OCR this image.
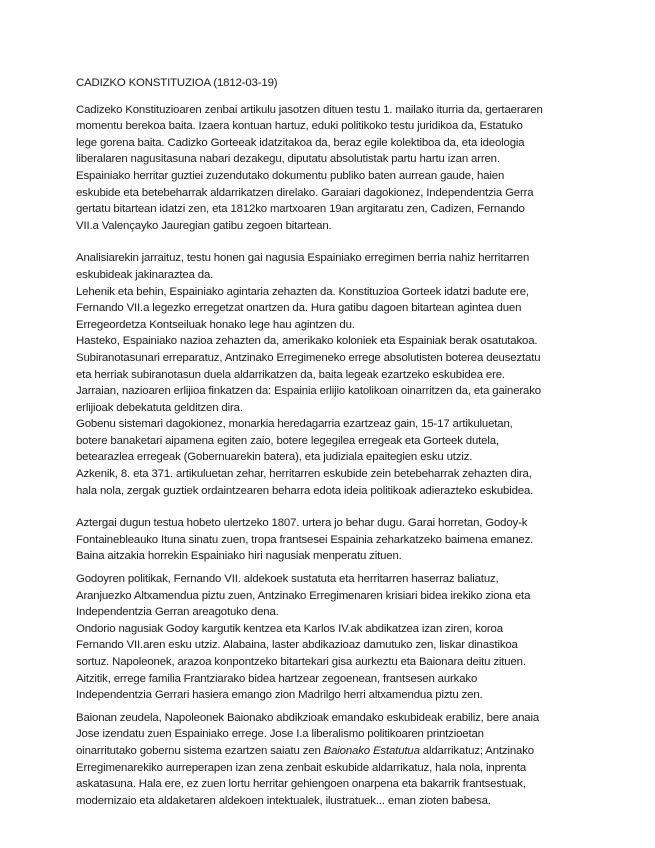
CADIZKO KONSTITUZIOA (1812-03-19)

Cadizeko Konstituzioaren zenbai artikulu jasotzen dituen testu 1. mailako iturria da, gertaeraren
momentu berekoa baita. Izaera kontuan hartuz, eduki politikoko testu juridikoa da, Estatuko
lege gorena baita. Cadizko Gorteeak idatzitakoa da, beraz egile kolektiboa da, eta ideologia
liberalaren nagusitasuna nabari dezakegu, diputatu absolutistak partu hartu izan arren.
Espainiako herritar guztiei zuzendutako dokumentu publiko baten aurrean gaude, haien
eskubide eta betebeharrak aldarrikatzen direlako. Garaiari dagokionez, Independentzia Gerra
gertatu bitartean idatzi zen, eta 1812ko martxoaren 19an argitaratu zen, Cadizen, Fernando
VII.a Valençayko Jauregian gatibu zegoen bitartean.

Analisiarekin jarraituz, testu honen gai nagusia Espainiako erregimen berria nahiz herritarren
eskubideak jakinaraztea da.
Lehenik eta behin, Espainiako agintaria zehazten da. Konstituzioa Gorteek idatzi badute ere,
Fernando VII.a legezko erregetzat onartzen da. Hura gatibu dagoen bitartean agintea duen
Erregeordetza Kontseiluak honako lege hau agintzen du.
Hasteko, Espainiako nazioa zehazten da, amerikako koloniek eta Espainiak berak osatutakoa.
Subiranotasunari erreparatuz, Antzinako Erregimeneko errege absolutisten boterea deuseztatu
eta herriak subiranotasun duela aldarrikatzen da, baita legeak ezartzeko eskubidea ere.
Jarraian, nazioaren erlijioa finkatzen da: Espainia erlijio katolikoan oinarritzen da, eta gainerako
erlijioak debekatuta gelditzen dira.
Gobenu sistemari dagokionez, monarkia heredagarria ezartzeaz gain, 15-17 artikuluetan,
botere banaketari aipamena egiten zaio, botere legegilea erregeak eta Gorteek dutela,
betearazlea erregeak (Gobernuarekin batera), eta judiziala epaitegien esku utziz.
Azkenik, 8. eta 371. artikuluetan zehar, herritarren eskubide zein betebeharrak zehazten dira,
hala nola, zergak guztiek ordaintzearen beharra edota ideia politikoak adierazteko eskubidea.

Aztergai dugun testua hobeto ulertzeko 1807. urtera jo behar dugu. Garai horretan, Godoy-k
Fontainebleauko Ituna sinatu zuen, tropa frantsesei Espainia zeharkatzeko baimena emanez.
Baina aitzakia horrekin Espainiako hiri nagusiak menperatu zituen.

Godoyren politikak, Fernando VII. aldekoek sustatuta eta herritarren haserraz baliatuz,
Aranjuezko Altxamendua piztu zuen, Antzinako Erregimenaren krisiari bidea irekiko ziona eta
Independentzia Gerran areagotuko dena.
Ondorio nagusiak Godoy kargutik kentzea eta Karlos IV.ak abdikatzea izan ziren, koroa
Fernando VII.aren esku utziz. Alabaina, laster abdikazioaz damutuko zen, liskar dinastikoa
sortuz. Napoleonek, arazoa konpontzeko bitartekari gisa aurkeztu eta Baionara deitu zituen.
Aitzitik, errege familia Frantziarako bidea hartzear zegoenean, frantsesen aurkako
Independentzia Gerrari hasiera emango zion Madrilgo herri altxamendua piztu zen.

Baionan zeudela, Napoleonek Baionako abdikzioak emandako eskubideak erabiliz, bere anaia
Jose izendatu zuen Espainiako errege. Jose I.a liberalismo politikoaren printzioetan
oinarritutako gobernu sistema ezartzen saiatu zen Baionako Estatutua aldarrikatuz; Antzinako
Erregimenarekiko aurreperapen izan zena zenbait eskubide aldarrikatuz, hala nola, inprenta
askatasuna. Hala ere, ez zuen lortu herritar gehiengoen onarpena eta bakarrik frantsestuak,
modernizaio eta aldaketaren aldekoen intektualek, ilustratuek... eman zioten babesa.
